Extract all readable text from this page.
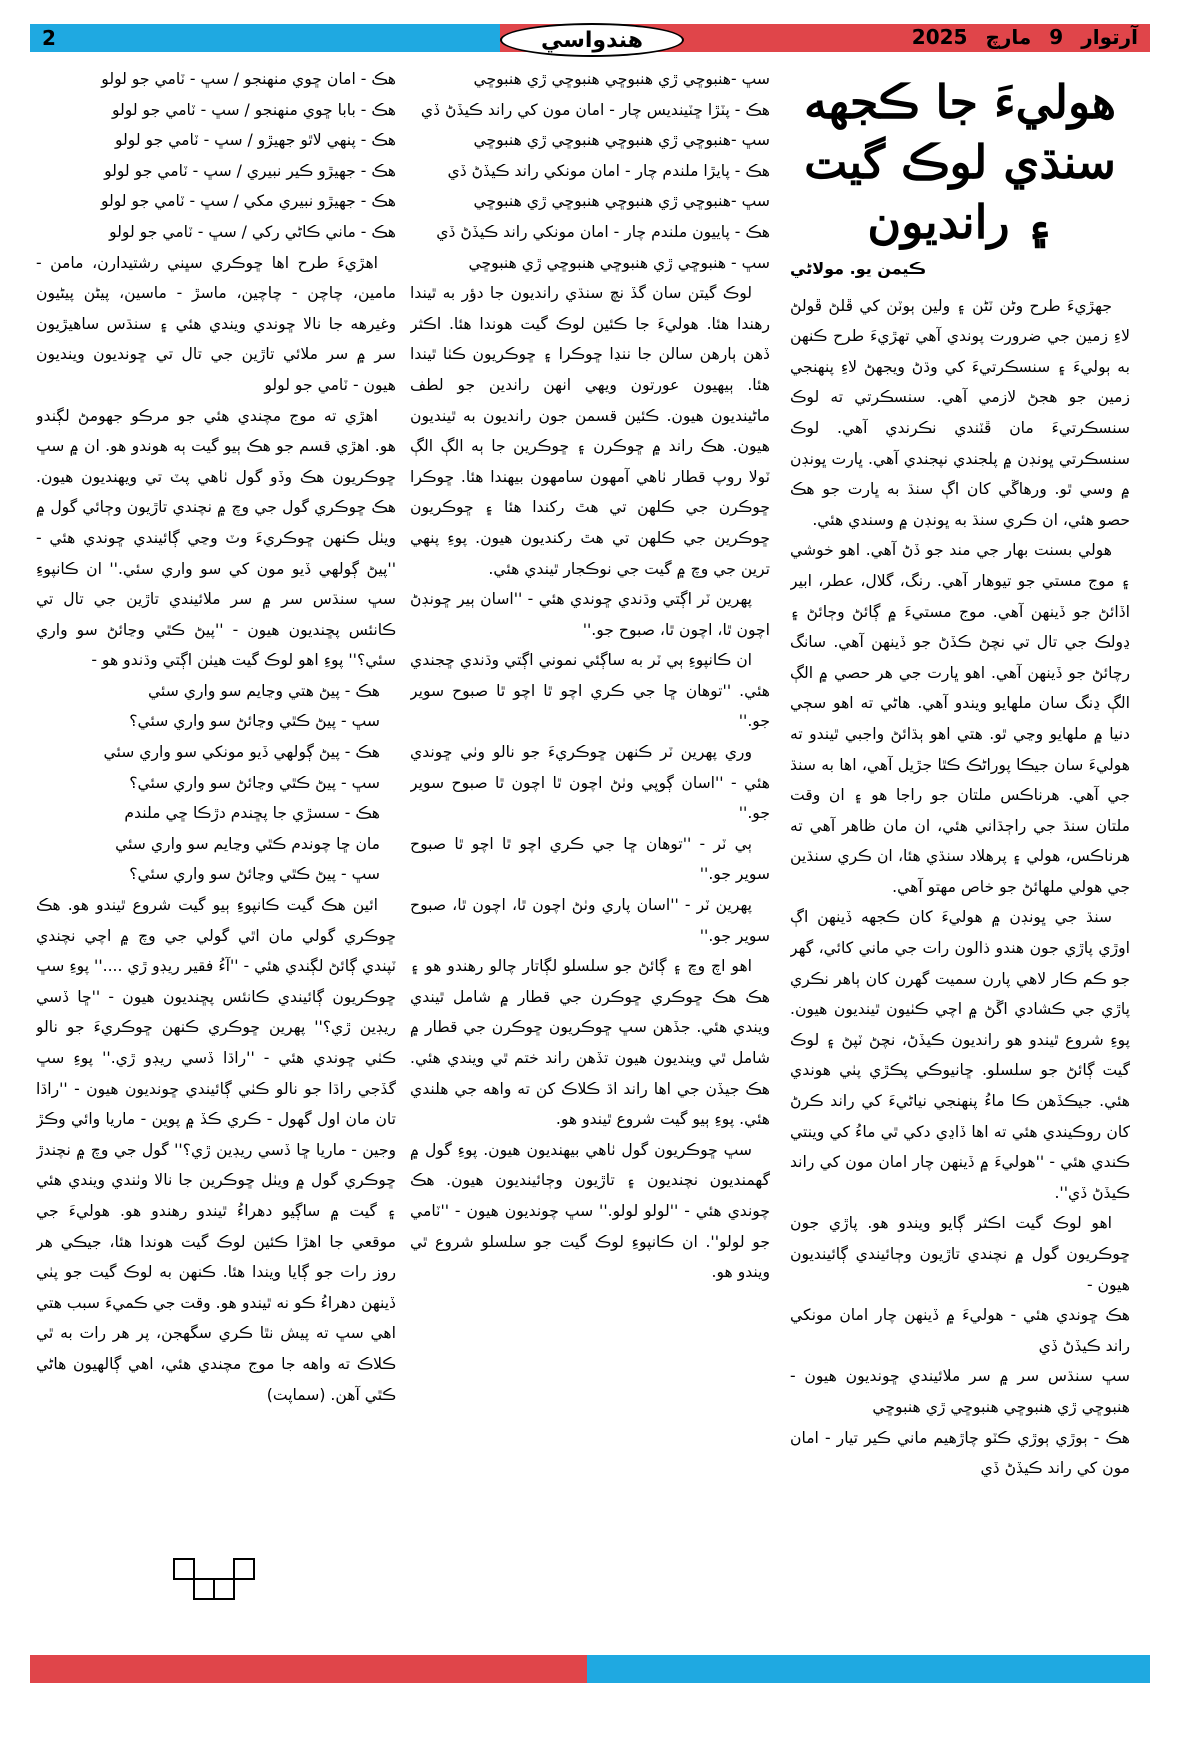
2	هندواسي	آرتوار
9
مارچ
2025
هوليءَ جا ڪجهه
سنڌي لوڪ گيت
۽ رانديون
ڪيمن يو. مولاڻي

جهڙيءَ طرح وڻن ٽڻن ۽ ولين ٻوٽن کي ڦلڻ ڦولڻ لاءِ زمين جي ضرورت پوندي آهي تهڙيءَ طرح ڪنهن به ٻوليءَ ۽ سنسڪرتيءَ کي وڌڻ ويجهڻ لاءِ پنهنجي زمين جو هجڻ لازمي آهي. سنسڪرتي ته لوڪ سنسڪرتيءَ مان ڦٽندي نڪرندي آهي. لوڪ سنسڪرتي ڀونڊن ۾ پلجندي نپجندي آهي. ڀارت ڀونڊن ۾ وسي ٿو. ورهاڱي کان اڳ سنڌ به ڀارت جو هڪ حصو هئي، ان ڪري سنڌ به ڀونڊن ۾ وسندي هئي.

هولي بسنت بهار جي مند جو ڏڻ آهي. اهو خوشي ۽ موج مستي جو تيوهار آهي. رنگ، گلال، عطر، ابير اڏائڻ جو ڏينهن آهي. موج مستيءَ ۾ ڳائڻ وڄائڻ ۽ ڍولڪ جي تال تي نچڻ ڪڏڻ جو ڏينهن آهي. سانگ رچائڻ جو ڏينهن آهي. اهو ڀارت جي هر حصي ۾ الڳ الڳ ڍنگ سان ملهايو ويندو آهي. هاڻي ته اهو سڄي دنيا ۾ ملهايو وڃي ٿو. هتي اهو ٻڌائڻ واجبي ٿيندو ته هوليءَ سان جيڪا پوراڻڪ ڪٿا جڙيل آهي، اها به سنڌ جي آهي. هرناڪس ملتان جو راجا هو ۽ ان وقت ملتان سنڌ جي راڄڌاني هئي، ان مان ظاهر آهي ته هرناڪس، هولي ۽ پرهلاد سنڌي هئا، ان ڪري سنڌين جي هولي ملهائڻ جو خاص مهتو آهي.

سنڌ جي ڀونڊن ۾ هوليءَ کان ڪجهه ڏينهن اڳ اوڙي پاڙي جون هندو ذالون رات جي ماني کائي، گهر جو ڪم ڪار لاهي پارن سميت گهرن کان ٻاهر نڪري پاڙي جي ڪشادي اڱڻ ۾ اچي ڪٺيون ٿينديون هيون. پوءِ شروع ٿيندو هو رانديون ڪيڏڻ، نچڻ ٽپڻ ۽ لوڪ گيت ڳائڻ جو سلسلو. ڇانيوڪي پڪڙي پٺي هوندي هئي. جيڪڏهن ڪا ماءُ پنهنجي نياڻيءَ کي راند ڪرڻ کان روڪيندي هئي ته اها ڏاڍي دکي ٿي ماءُ کي وينتي ڪندي هئي - ''هوليءَ ۾ ڏينهن چار امان مون کي راند ڪيڏڻ ڏي''.

اهو لوڪ گيت اڪثر ڳايو ويندو هو. پاڙي جون ڇوڪريون گول ۾ نچندي تاڙيون وڄائيندي ڳائينديون هيون -

هڪ ڇوندي هئي - هوليءَ ۾ ڏينهن چار امان مونکي راند ڪيڏڻ ڏي

سڀ سنڌس سر ۾ سر ملائيندي ڇونديون هيون - هنبوڇي ڙي هنبوڇي هنبوڇي ڙي هنبوڇي

هڪ - ٻوڙي ٻوڙي ڪٽو چاڙهيم ماني ڪير تيار - امان مون کي راند ڪيڏڻ ڏي

سڀ -هنبوڇي ڙي هنبوڇي هنبوڇي ڙي هنبوڇي

هڪ - پٽڙا ڇٽينديس چار - امان مون کي راند ڪيڏڻ ڏي

سڀ -هنبوڇي ڙي هنبوڇي هنبوڇي ڙي هنبوڇي

هڪ - پايڙا ملندم چار - امان مونکي راند ڪيڏڻ ڏي

سڀ -هنبوڇي ڙي هنبوڇي هنبوڇي ڙي هنبوڇي

هڪ - پاييون ملندم چار - امان مونکي راند ڪيڏڻ ڏي

سڀ - هنبوڇي ڙي هنبوڇي هنبوڇي ڙي هنبوڇي

لوڪ گيتن سان گڏ نچ سنڌي رانديون جا دؤر به ٿيندا رهندا هئا. هوليءَ جا ڪئين لوڪ گيت هوندا هئا. اڪثر ڏهن ٻارهن سالن جا ننڍا ڇوڪرا ۽ ڇوڪريون ڪٺا ٿيندا هئا. ٻيهيون عورتون ويهي انهن راندين جو لطف ماڻينديون هيون. ڪئين قسمن جون رانديون به ٿينديون هيون. هڪ راند ۾ ڇوڪرن ۽ ڇوڪرين جا ٻه الڳ الڳ ٽولا روپ قطار ٺاهي آمهون سامهون بيهندا هئا. ڇوڪرا ڇوڪرن جي ڪلهن تي هٿ رکندا هئا ۽ ڇوڪريون ڇوڪرين جي ڪلهن تي هٿ رکنديون هيون. پوءِ پنهي ترين جي وچ ۾ گيت جي نوڪجار ٿيندي هئي.

پهرين ٽر اڳتي وڌندي ڇوندي هئي - ''اسان ٻير ڇونڊڻ اچون ٿا، اچون ٿا، صبوح جو.''

ان ڪانپوءِ ٻي ٽر به ساڳئي نموني اڳتي وڌندي ڇجندي هئي. ''توهان ڇا جي ڪري اچو ٿا اچو ٿا صبوح سوير جو.''

وري پهرين ٽر ڪنهن ڇوڪريءَ جو نالو وٺي ڇوندي هئي - ''اسان ڳوپي وٺڻ اچون ٿا اچون ٿا صبوح سوير جو.''

ٻي ٽر - ''توهان ڇا جي ڪري اچو ٿا اچو ٿا صبوح سوير جو.''

پهرين ٽر - ''اسان پاري وٺڻ اچون ٿا، اچون ٿا، صبوح سوير جو.''

اهو اچ وچ ۽ ڳائڻ جو سلسلو لڳاتار چالو رهندو هو ۽ هڪ هڪ ڇوڪري ڇوڪرن جي قطار ۾ شامل ٿيندي ويندي هئي. جڏهن سڀ ڇوڪريون ڇوڪرن جي قطار ۾ شامل ٿي وينديون هيون تڏهن راند ختم ٿي ويندي هئي. هڪ جيڏن جي اها راند اڌ ڪلاڪ کن ته واهه جي هلندي هئي. پوءِ ٻيو گيت شروع ٿيندو هو.

سڀ ڇوڪريون گول ٺاهي بيهنديون هيون. پوءِ گول ۾ گهمنديون نچنديون ۽ تاڙيون وڄائينديون هيون. هڪ چوندي هئي - ''لولو لولو.'' سڀ چونديون هيون - ''ٽامي جو لولو''. ان ڪانپوءِ لوڪ گيت جو سلسلو شروع ٿي ويندو هو.

هڪ - امان ڇوي منهنجو / سڀ - ٽامي جو لولو

هڪ - بابا ڇوي منهنجو / سڀ - ٽامي جو لولو

هڪ - پنهي لاٿو جهيڙو / سڀ - ٽامي جو لولو

هڪ - جهيڙو ڪير نبيري / سڀ - ٽامي جو لولو

هڪ - جهيڙو نبيري مکي / سڀ - ٽامي جو لولو

هڪ - ماني ڪاڻي رکي / سڀ - ٽامي جو لولو

اهڙيءَ طرح اها ڇوڪري سڀني رشتيدارن، مامن - مامين، چاچن - چاچين، ماسڙ - ماسين، پيڻن پيڻيون وغيرهه جا نالا ڇوندي ويندي هئي ۽ سنڌس ساهيڙيون سر ۾ سر ملائي تاڙين جي تال تي ڇونديون وينديون هيون - ٽامي جو لولو

اهڙي ته موج مچندي هئي جو مرڪو جهومڻ لڳندو هو. اهڙي قسم جو هڪ ٻيو گيت ٻه هوندو هو. ان ۾ سڀ ڇوڪريون هڪ وڏو گول ٺاهي پٽ تي ويهنديون هيون. هڪ ڇوڪري گول جي وچ ۾ نچندي تاڙيون وڄائي گول ۾ ويٺل ڪنهن ڇوڪريءَ وٽ وڃي ڳائيندي ڇوندي هئي - ''پيڻ ڳولهي ڏيو مون کي سو واري سئي.'' ان ڪانپوءِ سڀ سنڌس سر ۾ سر ملائيندي تاڙين جي تال تي ڪانئس پڇنديون هيون - ''پيڻ ڪٿي وڃائڻ سو واري سئي؟'' پوءِ اهو لوڪ گيت هيٺن اڳتي وڌندو هو -

هڪ - پيڻ هتي وڃايم سو واري سئي

سڀ - پيڻ ڪٿي وڃائڻ سو واري سئي؟

هڪ - پيڻ ڳولهي ڏيو مونکي سو واري سئي

سڀ - پيڻ ڪٿي وڃائڻ سو واري سئي؟

هڪ - سسڙي جا پڇندم دڙڪا ڇي ملندم

مان ڇا چوندم ڪٿي وڃايم سو واري سئي

سڀ - پيڻ ڪٿي وڃائڻ سو واري سئي؟

ائين هڪ گيت ڪانپوءِ ٻيو گيت شروع ٿيندو هو. هڪ ڇوڪري گولي مان اٿي گولي جي وچ ۾ اچي نچندي ٽپندي ڳائڻ لڳندي هئي - ''آءُ فقير ريڊو ڙي ....'' پوءِ سڀ ڇوڪريون ڳائيندي ڪانئس پڇنديون هيون - ''ڇا ڏسي ريڊين ڙي؟'' پهرين ڇوڪري ڪنهن ڇوڪريءَ جو نالو ڪٺي ڇوندي هئي - ''راڌا ڏسي ريڊو ڙي.'' پوءِ سڀ گڏجي راڌا جو نالو ڪٺي ڳائيندي ڇونديون هيون - ''راڌا تان مان اول گهول - ڪري ڪڏ ۾ پوين - ماريا وائي وڪڙ وجين - ماريا ڇا ڏسي ريڊين ڙي؟'' گول جي وچ ۾ نچندڙ ڇوڪري گول ۾ ويٺل ڇوڪرين جا نالا وٺندي ويندي هئي ۽ گيت ۾ ساڳيو دهراءُ ٿيندو رهندو هو. هوليءَ جي موقعي جا اهڙا ڪئين لوڪ گيت هوندا هئا، جيڪي هر روز رات جو ڳايا ويندا هئا. ڪنهن به لوڪ گيت جو پٺي ڏينهن دهراءُ ڪو نه ٿيندو هو. وقت جي ڪميءَ سبب هتي اهي سڀ ته پيش نٿا ڪري سگهجن، پر هر رات به ٿي ڪلاڪ ته واهه جا موج مچندي هئي، اهي ڳالهيون هاڻي ڪٿي آهن. (سماپت)
